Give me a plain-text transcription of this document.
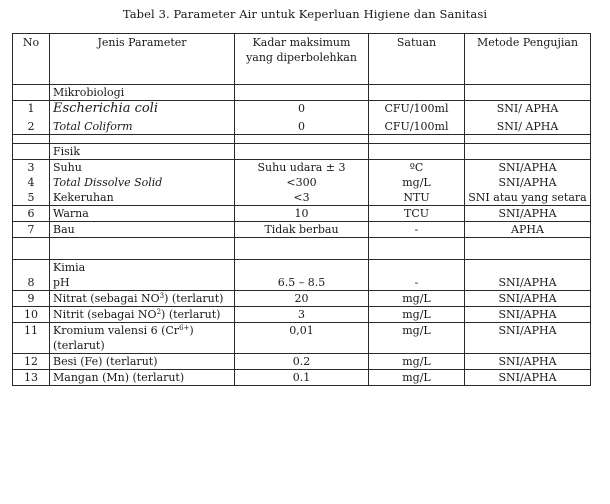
Tabel 3. Parameter Air untuk Keperluan Higiene dan Sanitasi
No	Jenis Parameter	Kadar maksimum yang diperbolehkan	Satuan	Metode Pengujian
	Mikrobiologi			
1	Escherichia coli	0	CFU/100ml	SNI/ APHA
2	Total Coliform	0	CFU/100ml	SNI/ APHA

	Fisik			
3	Suhu	Suhu udara ± 3	ºC	SNI/APHA
4	Total Dissolve Solid	<300	mg/L	SNI/APHA
5	Kekeruhan	<3	NTU	SNI atau yang setara
6	Warna	10	TCU	SNI/APHA
7	Bau	Tidak berbau	-	APHA

	Kimia			
8	pH	6.5 – 8.5	-	SNI/APHA
9	Nitrat (sebagai $NO^3$) (terlarut)	20	mg/L	SNI/APHA
10	Nitrit (sebagai $NO^2$) (terlarut)	3	mg/L	SNI/APHA
11	Kromium valensi 6 $(Cr^{6+})$ (terlarut)	0,01	mg/L	SNI/APHA
12	Besi (Fe) (terlarut)	0.2	mg/L	SNI/APHA
13	Mangan (Mn) (terlarut)	0.1	mg/L	SNI/APHA
